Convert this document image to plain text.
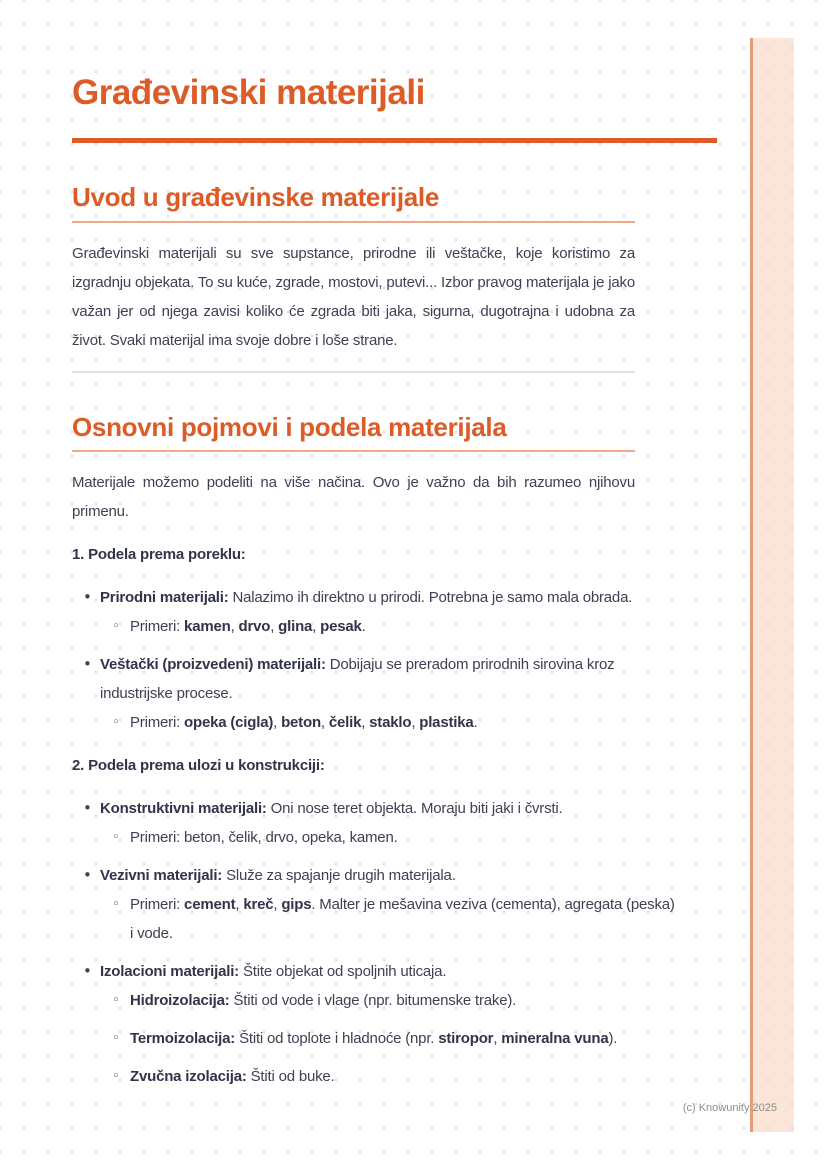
Građevinski materijali
Uvod u građevinske materijale

Građevinski materijali su sve supstance, prirodne ili veštačke, koje koristimo za izgradnju objekata. To su kuće, zgrade, mostovi, putevi... Izbor pravog materijala je jako važan jer od njega zavisi koliko će zgrada biti jaka, sigurna, dugotrajna i udobna za život. Svaki materijal ima svoje dobre i loše strane.

Osnovni pojmovi i podela materijala

Materijale možemo podeliti na više načina. Ovo je važno da bih razumeo njihovu primenu.

1. Podela prema poreklu:

• Prirodni materijali: Nalazimo ih direktno u prirodi. Potrebna je samo mala obrada.
◦ Primeri: kamen, drvo, glina, pesak.
• Veštački (proizvedeni) materijali: Dobijaju se preradom prirodnih sirovina kroz industrijske procese.
◦ Primeri: opeka (cigla), beton, čelik, staklo, plastika.

2. Podela prema ulozi u konstrukciji:

• Konstruktivni materijali: Oni nose teret objekta. Moraju biti jaki i čvrsti.
◦ Primeri: beton, čelik, drvo, opeka, kamen.
• Vezivni materijali: Služe za spajanje drugih materijala.
◦ Primeri: cement, kreč, gips. Malter je mešavina veziva (cementa), agregata (peska) i vode.
• Izolacioni materijali: Štite objekat od spoljnih uticaja.
◦ Hidroizolacija: Štiti od vode i vlage (npr. bitumenske trake).
◦ Termoizolacija: Štiti od toplote i hladnoće (npr. stiropor, mineralna vuna).
◦ Zvučna izolacija: Štiti od buke.
(c) Knowunity 2025
